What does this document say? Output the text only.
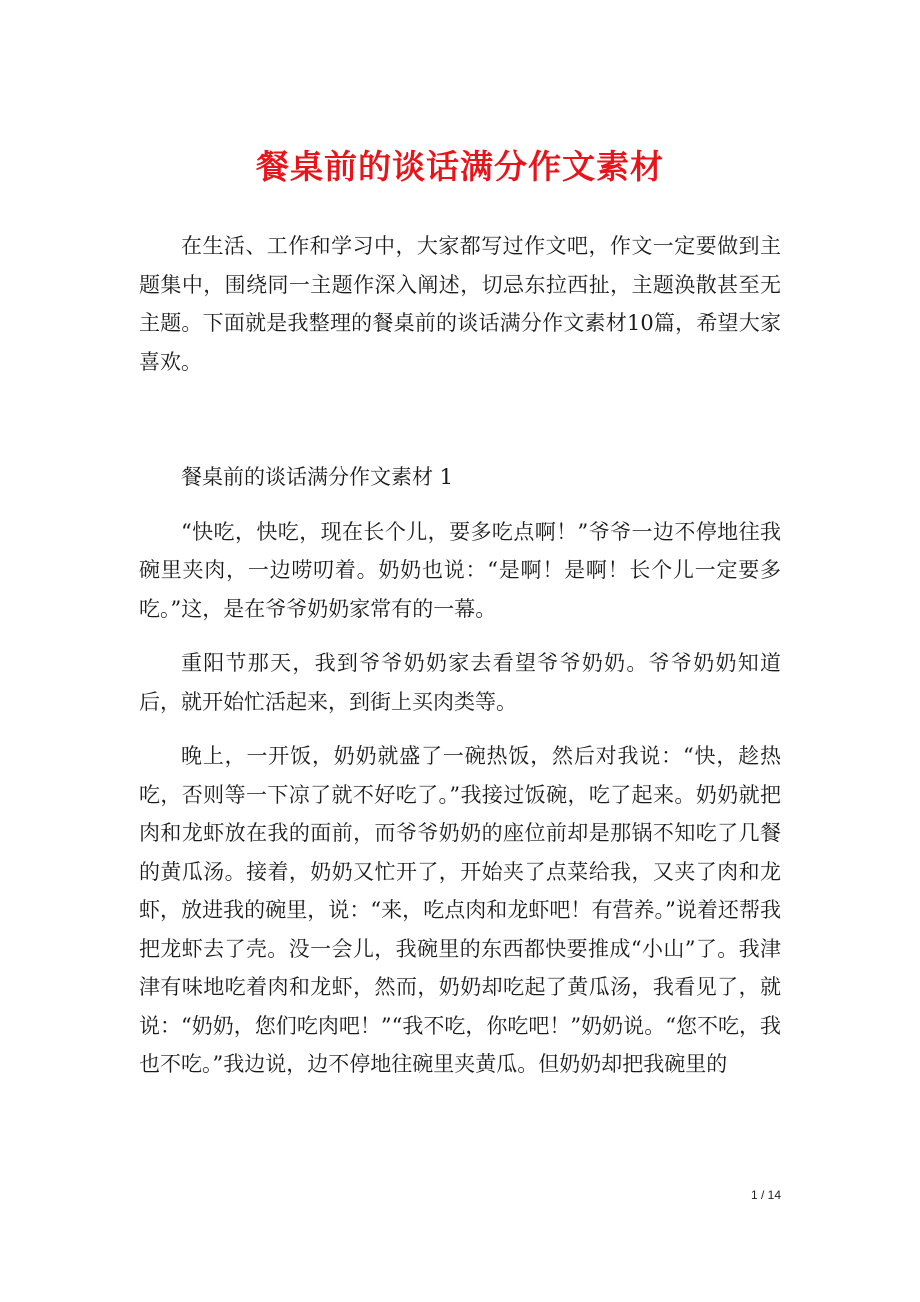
餐桌前的谈话满分作文素材

在生活、工作和学习中，大家都写过作文吧，作文一定要做到主题集中，围绕同一主题作深入阐述，切忌东拉西扯，主题涣散甚至无主题。下面就是我整理的餐桌前的谈话满分作文素材10篇，希望大家喜欢。

餐桌前的谈话满分作文素材 1

“快吃，快吃，现在长个儿，要多吃点啊！”爷爷一边不停地往我碗里夹肉，一边唠叨着。奶奶也说：“是啊！是啊！长个儿一定要多吃。”这，是在爷爷奶奶家常有的一幕。

重阳节那天，我到爷爷奶奶家去看望爷爷奶奶。爷爷奶奶知道后，就开始忙活起来，到街上买肉类等。

晚上，一开饭，奶奶就盛了一碗热饭，然后对我说：“快，趁热吃，否则等一下凉了就不好吃了。”我接过饭碗，吃了起来。奶奶就把肉和龙虾放在我的面前，而爷爷奶奶的座位前却是那锅不知吃了几餐的黄瓜汤。接着，奶奶又忙开了，开始夹了点菜给我，又夹了肉和龙虾，放进我的碗里，说：“来，吃点肉和龙虾吧！有营养。”说着还帮我把龙虾去了壳。没一会儿，我碗里的东西都快要推成“小山”了。我津津有味地吃着肉和龙虾，然而，奶奶却吃起了黄瓜汤，我看见了，就说：“奶奶，您们吃肉吧！”“我不吃，你吃吧！”奶奶说。“您不吃，我也不吃。”我边说，边不停地往碗里夹黄瓜。但奶奶却把我碗里的

1 / 14
